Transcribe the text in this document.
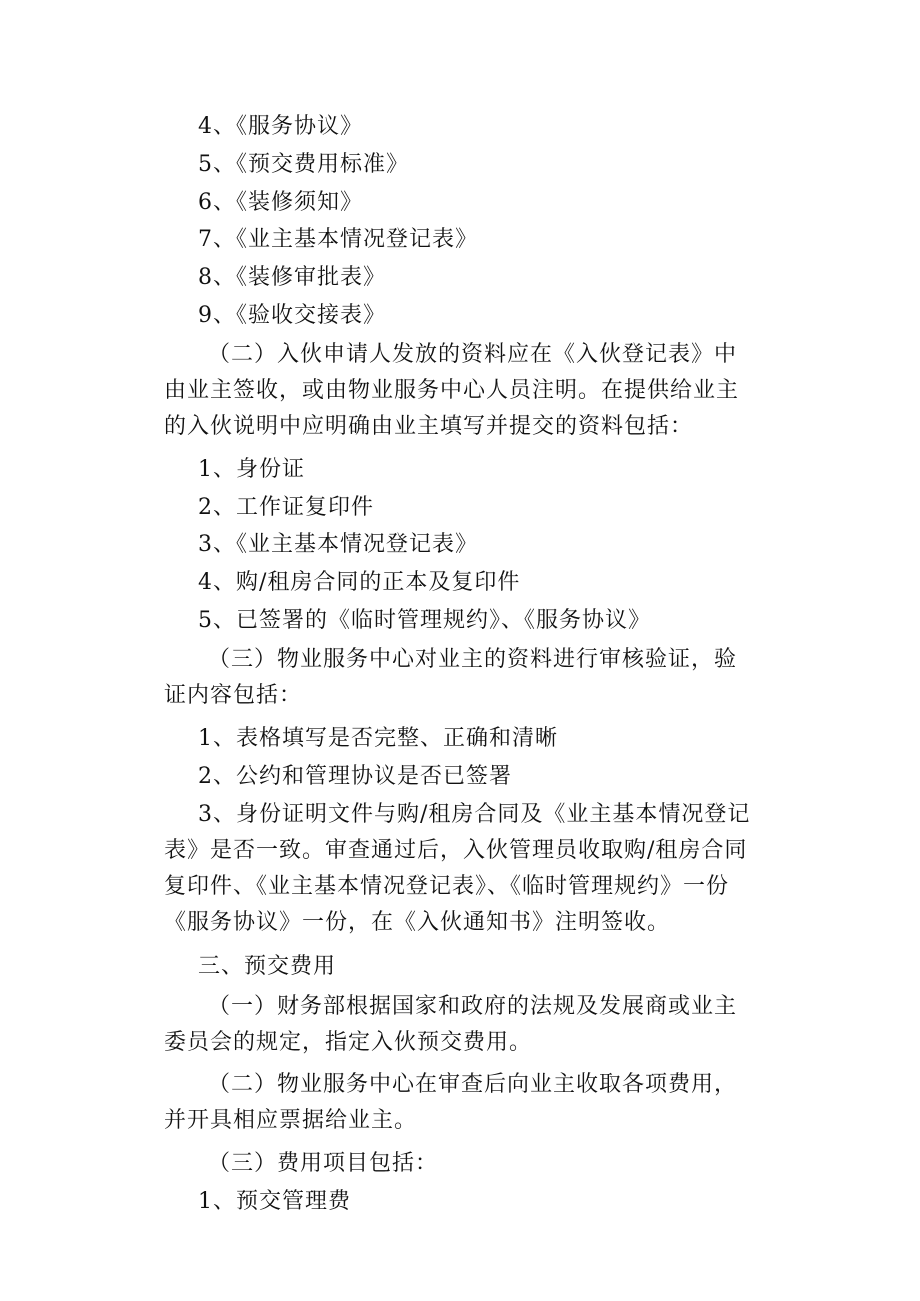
4、《服务协议》

5、《预交费用标准》

6、《装修须知》

7、《业主基本情况登记表》

8、《装修审批表》

9、《验收交接表》

（二）入伙申请人发放的资料应在《入伙登记表》中由业主签收，或由物业服务中心人员注明。在提供给业主的入伙说明中应明确由业主填写并提交的资料包括：

1、身份证

2、工作证复印件

3、《业主基本情况登记表》

4、购/租房合同的正本及复印件

5、已签署的《临时管理规约》、《服务协议》

（三）物业服务中心对业主的资料进行审核验证，验证内容包括：

1、表格填写是否完整、正确和清晰

2、公约和管理协议是否已签署

3、身份证明文件与购/租房合同及《业主基本情况登记表》是否一致。审查通过后，入伙管理员收取购/租房合同复印件、《业主基本情况登记表》、《临时管理规约》一份《服务协议》一份，在《入伙通知书》注明签收。

三、预交费用

（一）财务部根据国家和政府的法规及发展商或业主委员会的规定，指定入伙预交费用。

（二）物业服务中心在审查后向业主收取各项费用，并开具相应票据给业主。

（三）费用项目包括：

1、预交管理费
